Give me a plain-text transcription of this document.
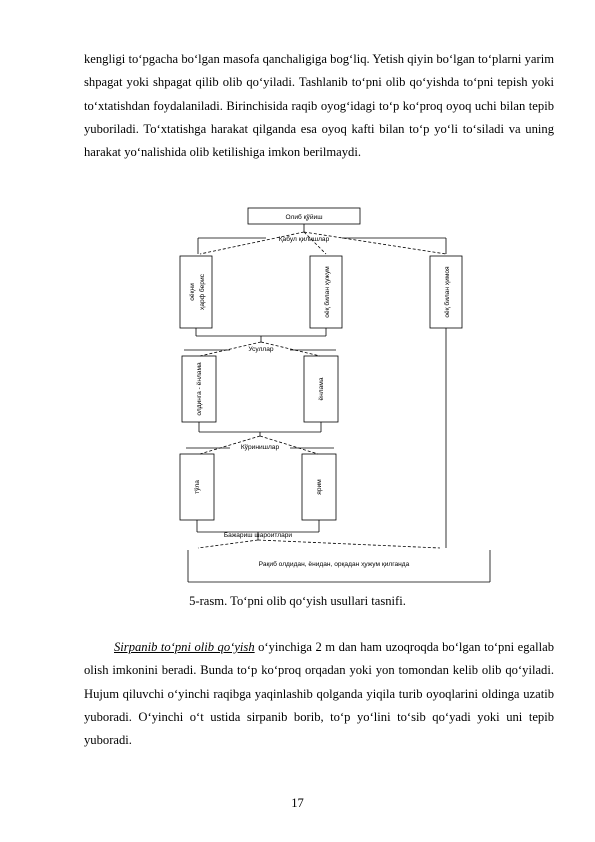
kengligi to‘pgacha bo‘lgan masofa qanchaligiga bog‘liq. Yetish qiyin bo‘lgan to‘plarni yarim shpagat yoki shpagat qilib olib qo‘yiladi. Tashlanib to‘pni olib qo‘yishda to‘pni tepish yoki to‘xtatishdan foydalaniladi. Birinchisida raqib oyog‘idagi to‘p ko‘proq oyoq uchi bilan tepib yuboriladi. To‘xtatishga harakat qilganda esa oyoq kafti bilan to‘p yo‘li to‘siladi va uning harakat yo‘nalishida olib ketilishiga imkon berilmaydi.

Олиб қўйиш
Қабул қилишлар
оёқни ҳарф берис	оёқ билан ҳужум	оёқ билан ҳимоя
Усуллар
олдинга - ёнлама	ёнлама
Кўринишлар
тўла	ярим
Бажариш шароитлари
Рақиб олдидан, ёнидан, орқадан ҳужум қилганда
5-rasm. To‘pni olib qo‘yish usullari tasnifi.

Sirpanib to‘pni olib qo‘yish o‘yinchiga 2 m dan ham uzoqroqda bo‘lgan to‘pni egallab olish imkonini beradi. Bunda to‘p ko‘proq orqadan yoki yon tomondan kelib olib qo‘yiladi. Hujum qiluvchi o‘yinchi raqibga yaqinlashib qolganda yiqila turib oyoqlarini oldinga uzatib yuboradi. O‘yinchi o‘t ustida sirpanib borib, to‘p yo‘lini to‘sib qo‘yadi yoki uni tepib yuboradi.

17
